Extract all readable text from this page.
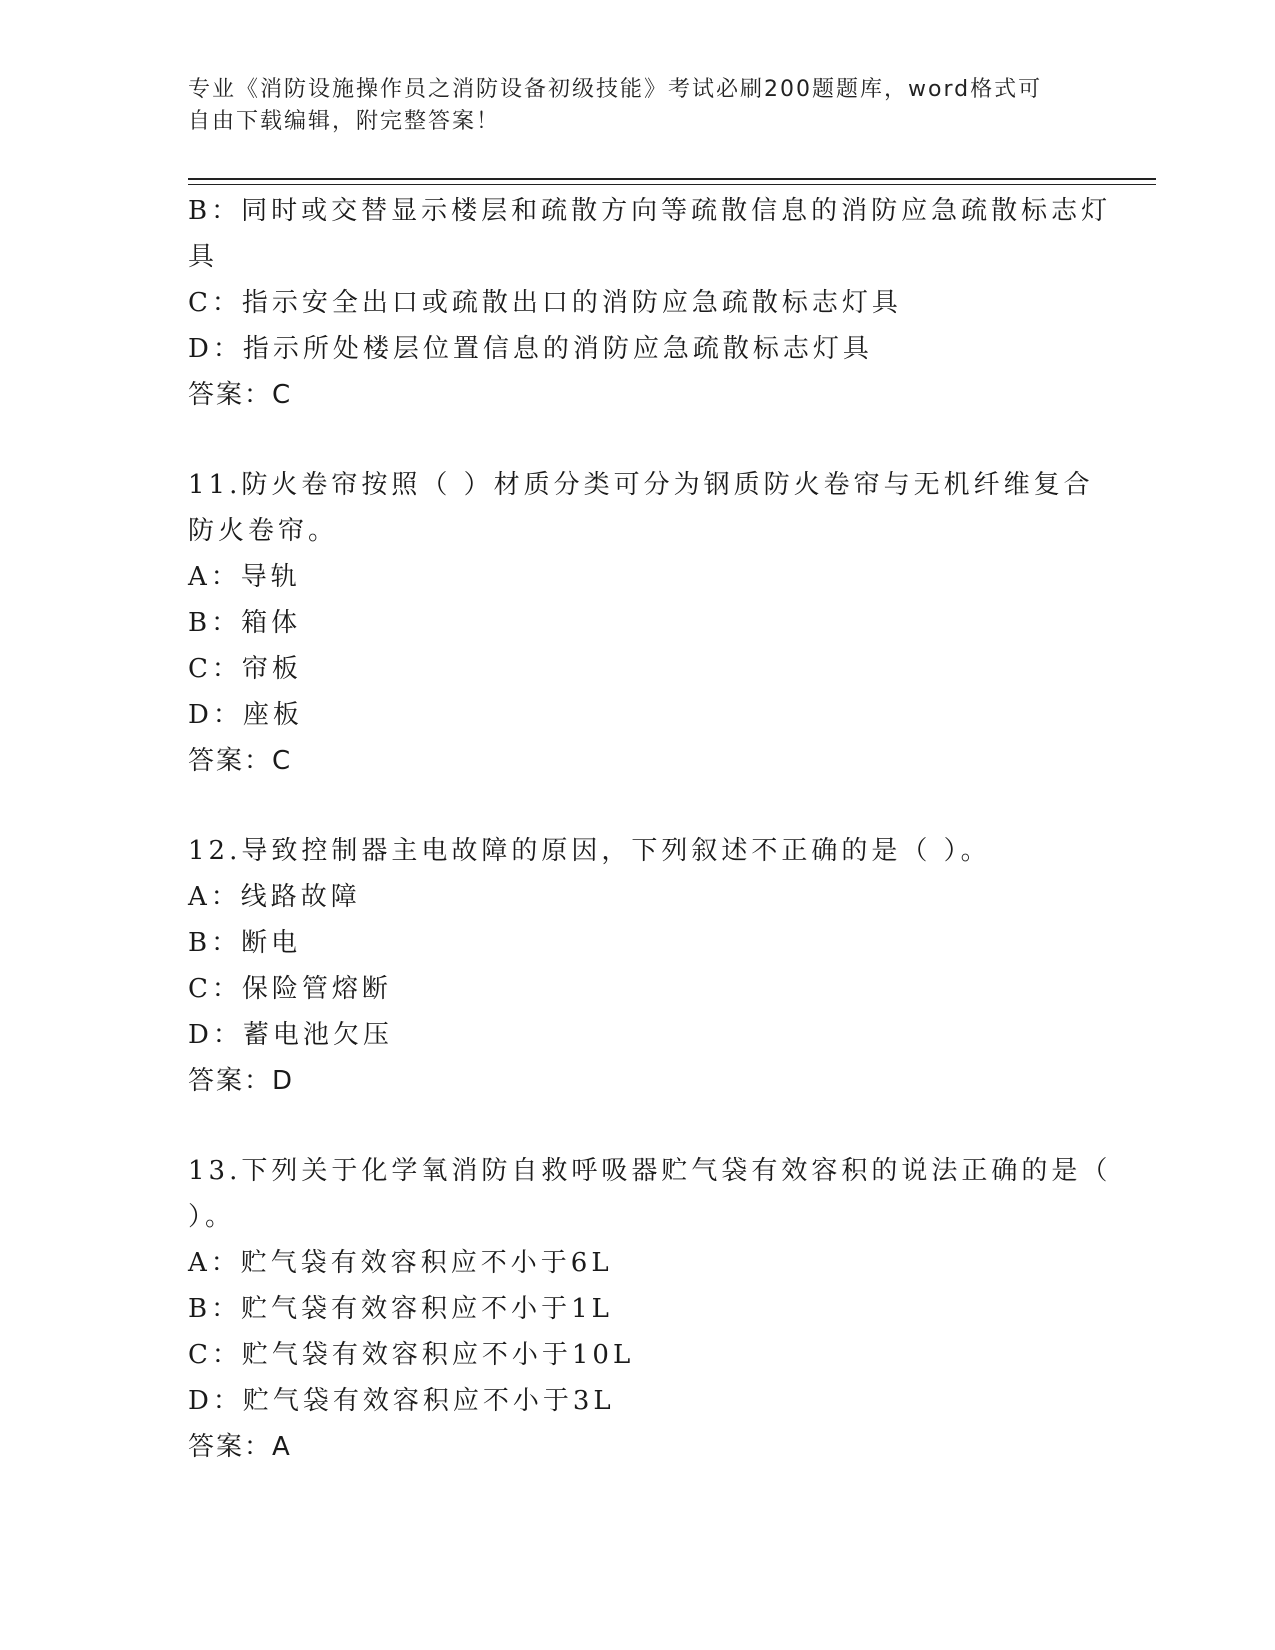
专业《消防设施操作员之消防设备初级技能》考试必刷200题题库，word格式可
自由下载编辑，附完整答案！
B：同时或交替显示楼层和疏散方向等疏散信息的消防应急疏散标志灯
具
C：指示安全出口或疏散出口的消防应急疏散标志灯具
D：指示所处楼层位置信息的消防应急疏散标志灯具
答案：C
11.防火卷帘按照（ ）材质分类可分为钢质防火卷帘与无机纤维复合
防火卷帘。
A：导轨
B：箱体
C：帘板
D：座板
答案：C
12.导致控制器主电故障的原因，下列叙述不正确的是（ ）。
A：线路故障
B：断电
C：保险管熔断
D：蓄电池欠压
答案：D
13.下列关于化学氧消防自救呼吸器贮气袋有效容积的说法正确的是（
）。
A：贮气袋有效容积应不小于6L
B：贮气袋有效容积应不小于1L
C：贮气袋有效容积应不小于10L
D：贮气袋有效容积应不小于3L
答案：A
